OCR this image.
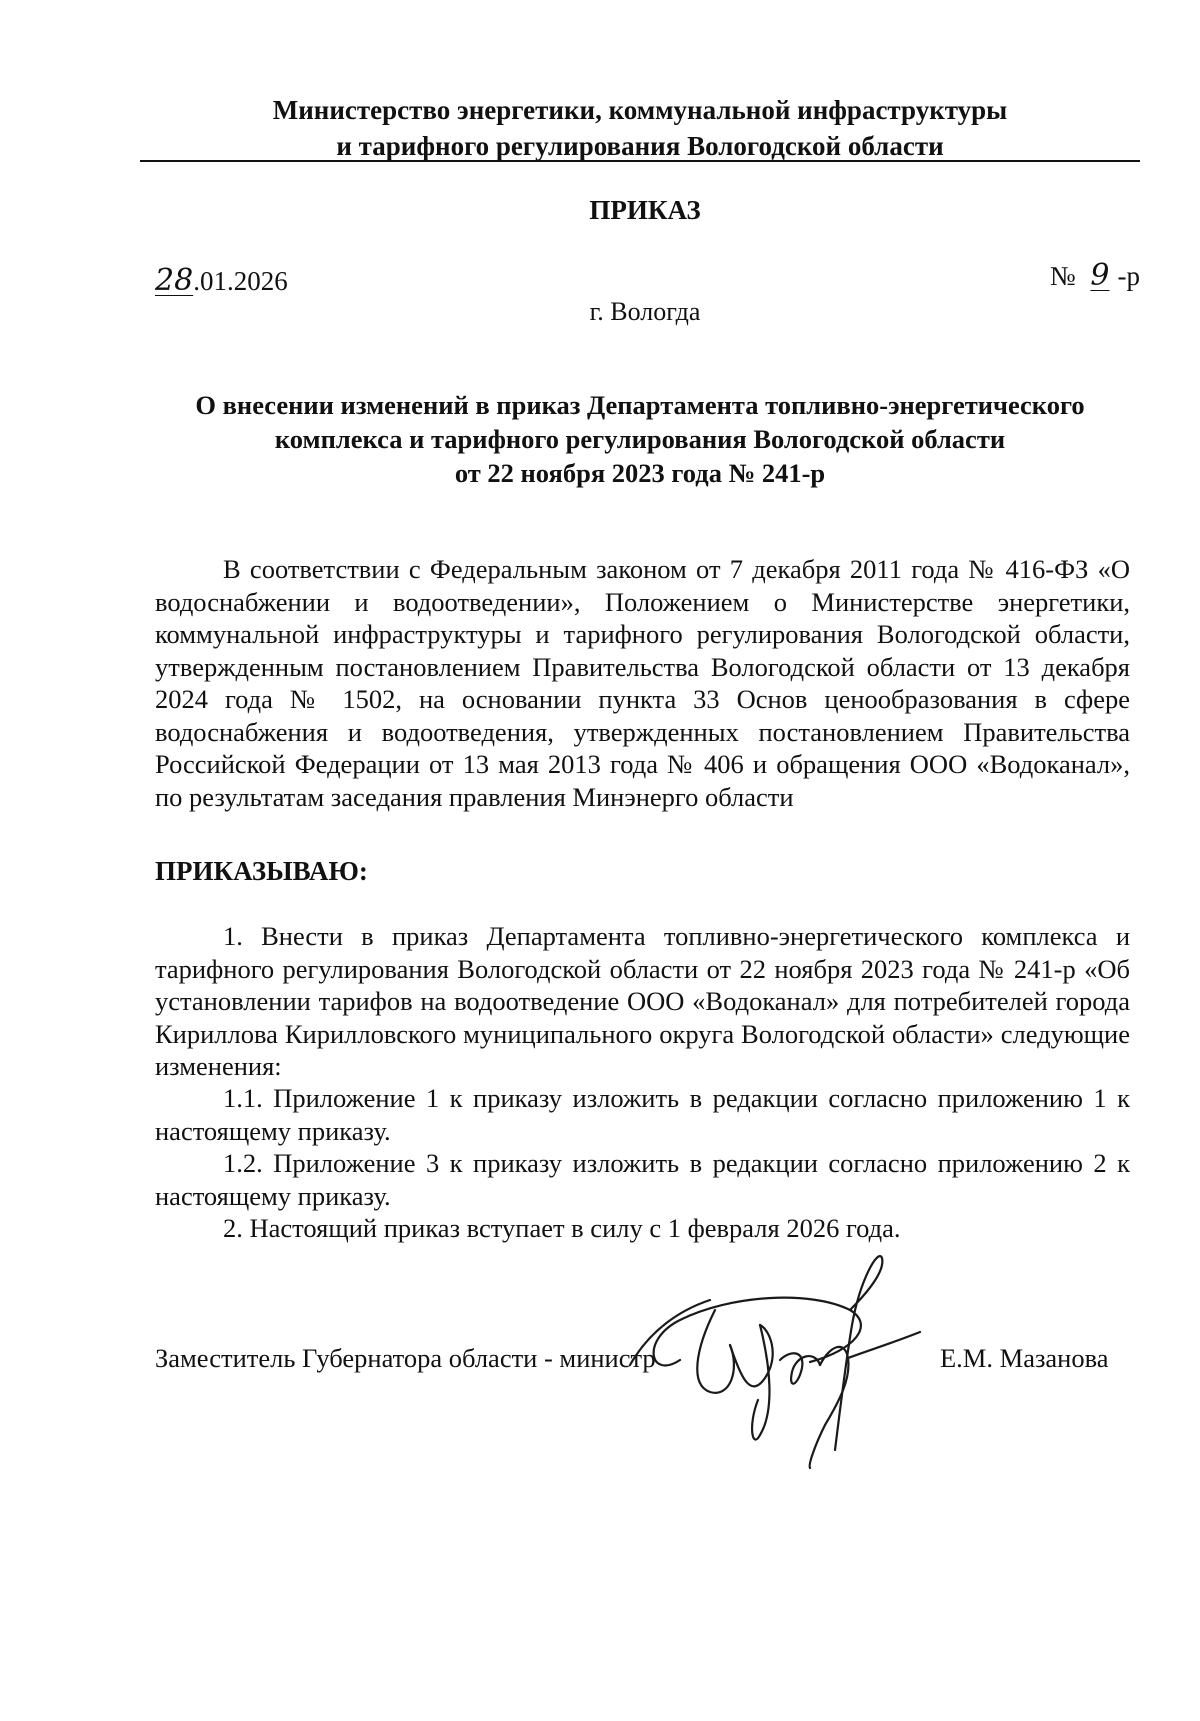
Министерство энергетики, коммунальной инфраструктуры
и тарифного регулирования Вологодской области
ПРИКАЗ
28.01.2026	№ 9 -р
г. Вологда
О внесении изменений в приказ Департамента топливно-энергетического
комплекса и тарифного регулирования Вологодской области
от 22 ноября 2023 года № 241-р
В соответствии с Федеральным законом от 7 декабря 2011 года № 416-ФЗ «О водоснабжении и водоотведении», Положением о Министерстве энергетики, коммунальной инфраструктуры и тарифного регулирования Вологодской области, утвержденным постановлением Правительства Вологодской области от 13 декабря 2024 года № 1502, на основании пункта 33 Основ ценообразования в сфере водоснабжения и водоотведения, утвержденных постановлением Правительства Российской Федерации от 13 мая 2013 года № 406 и обращения ООО «Водоканал», по результатам заседания правления Минэнерго области
ПРИКАЗЫВАЮ:
1. Внести в приказ Департамента топливно-энергетического комплекса и тарифного регулирования Вологодской области от 22 ноября 2023 года № 241-р «Об установлении тарифов на водоотведение ООО «Водоканал» для потребителей города Кириллова Кирилловского муниципального округа Вологодской области» следующие изменения:
1.1. Приложение 1 к приказу изложить в редакции согласно приложению 1 к настоящему приказу.
1.2. Приложение 3 к приказу изложить в редакции согласно приложению 2 к настоящему приказу.
2. Настоящий приказ вступает в силу с 1 февраля 2026 года.
Заместитель Губернатора области - министр	Е.М. Мазанова
